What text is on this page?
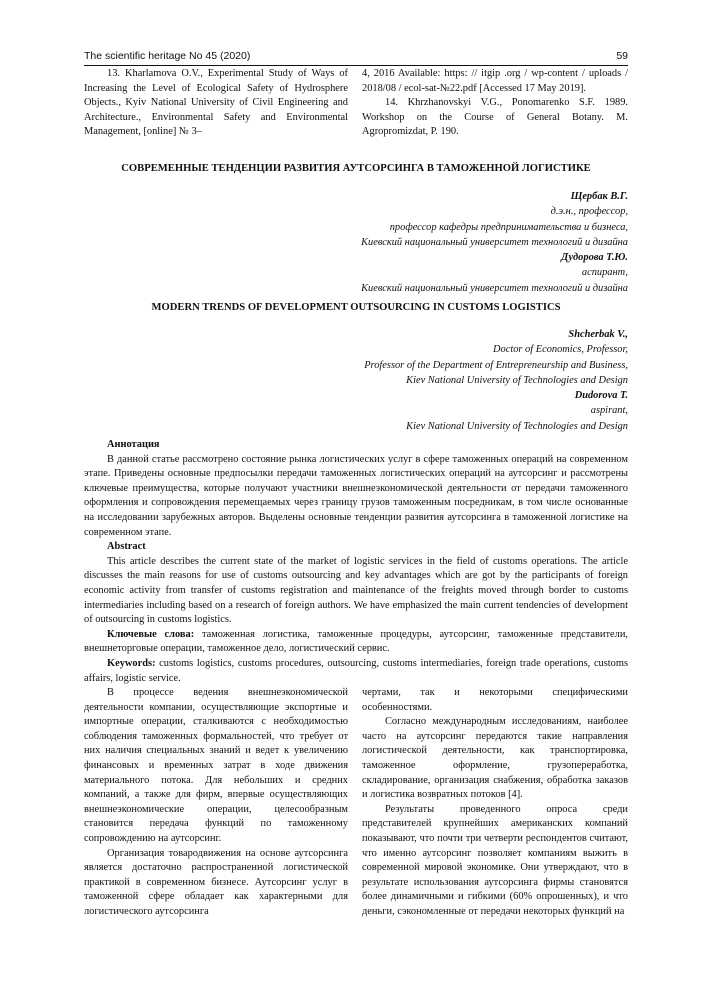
The scientific heritage No 45 (2020)	59

13. Kharlamova O.V., Experimental Study of Ways of Increasing the Level of Ecological Safety of Hydrosphere Objects., Kyiv National University of Civil Engineering and Architecture., Environmental Safety and Environmental Management, [online] № 3–

4, 2016 Available: https: // itgip .org / wp-content / uploads / 2018/08 / ecol-sat-№22.pdf [Accessed 17 May 2019].

14. Khrzhanovskyi V.G., Ponomarenko S.F. 1989. Workshop on the Course of General Botany. M. Agropromizdat, P. 190.

СОВРЕМЕННЫЕ ТЕНДЕНЦИИ РАЗВИТИЯ АУТСОРСИНГА В ТАМОЖЕННОЙ ЛОГИСТИКЕ
Щербак В.Г.
д.э.н., профессор,
профессор кафедры предпринимательства и бизнеса,
Киевский национальный университет технологий и дизайна
Дудорова Т.Ю.
аспирант,
Киевский национальный университет технологий и дизайна
MODERN TRENDS OF DEVELOPMENT OUTSOURCING IN CUSTOMS LOGISTICS
Shcherbak V.,
Doctor of Economics, Professor,
Professor of the Department of Entrepreneurship and Business,
Kiev National University of Technologies and Design
Dudorova T.
aspirant,
Kiev National University of Technologies and Design
Аннотация

В данной статье рассмотрено состояние рынка логистических услуг в сфере таможенных операций на современном этапе. Приведены основные предпосылки передачи таможенных логистических операций на аутсорсинг и рассмотрены ключевые преимущества, которые получают участники внешнеэкономической деятельности от передачи таможенного оформления и сопровождения перемещаемых через границу грузов таможенным посредникам, в том числе основанные на исследовании зарубежных авторов. Выделены основные тенденции развития аутсорсинга в таможенной логистике на современном этапе.

Abstract

This article describes the current state of the market of logistic services in the field of customs operations. The article discusses the main reasons for use of customs outsourcing and key advantages which are got by the participants of foreign economic activity from transfer of customs registration and maintenance of the freights moved through border to customs intermediaries including based on a research of foreign authors. We have emphasized the main current tendencies of development of outsourcing in customs logistics.

Ключевые слова: таможенная логистика, таможенные процедуры, аутсорсинг, таможенные представители, внешнеторговые операции, таможенное дело, логистический сервис.

Keywords: customs logistics, customs procedures, outsourcing, customs intermediaries, foreign trade operations, customs affairs, logistic service.

В процессе ведения внешнеэкономической деятельности компании, осуществляющие экспортные и импортные операции, сталкиваются с необходимостью соблюдения таможенных формальностей, что требует от них наличия специальных знаний и ведет к увеличению финансовых и временных затрат в ходе движения материального потока. Для небольших и средних компаний, а также для фирм, впервые осуществляющих внешнеэкономические операции, целесообразным становится передача функций по таможенному сопровождению на аутсорсинг.

Организация товародвижения на основе аутсорсинга является достаточно распространенной логистической практикой в современном бизнесе. Аутсорсинг услуг в таможенной сфере обладает как характерными для логистического аутсорсинга

чертами, так и некоторыми специфическими особенностями.

Согласно международным исследованиям, наиболее часто на аутсорсинг передаются такие направления логистической деятельности, как транспортировка, таможенное оформление, грузопереработка, складирование, организация снабжения, обработка заказов и логистика возвратных потоков [4].

Результаты проведенного опроса среди представителей крупнейших американских компаний показывают, что почти три четверти респондентов считают, что именно аутсорсинг позволяет компаниям выжить в современной мировой экономике. Они утверждают, что в результате использования аутсорсинга фирмы становятся более динамичными и гибкими (60% опрошенных), и что деньги, сэкономленные от передачи некоторых функций на
